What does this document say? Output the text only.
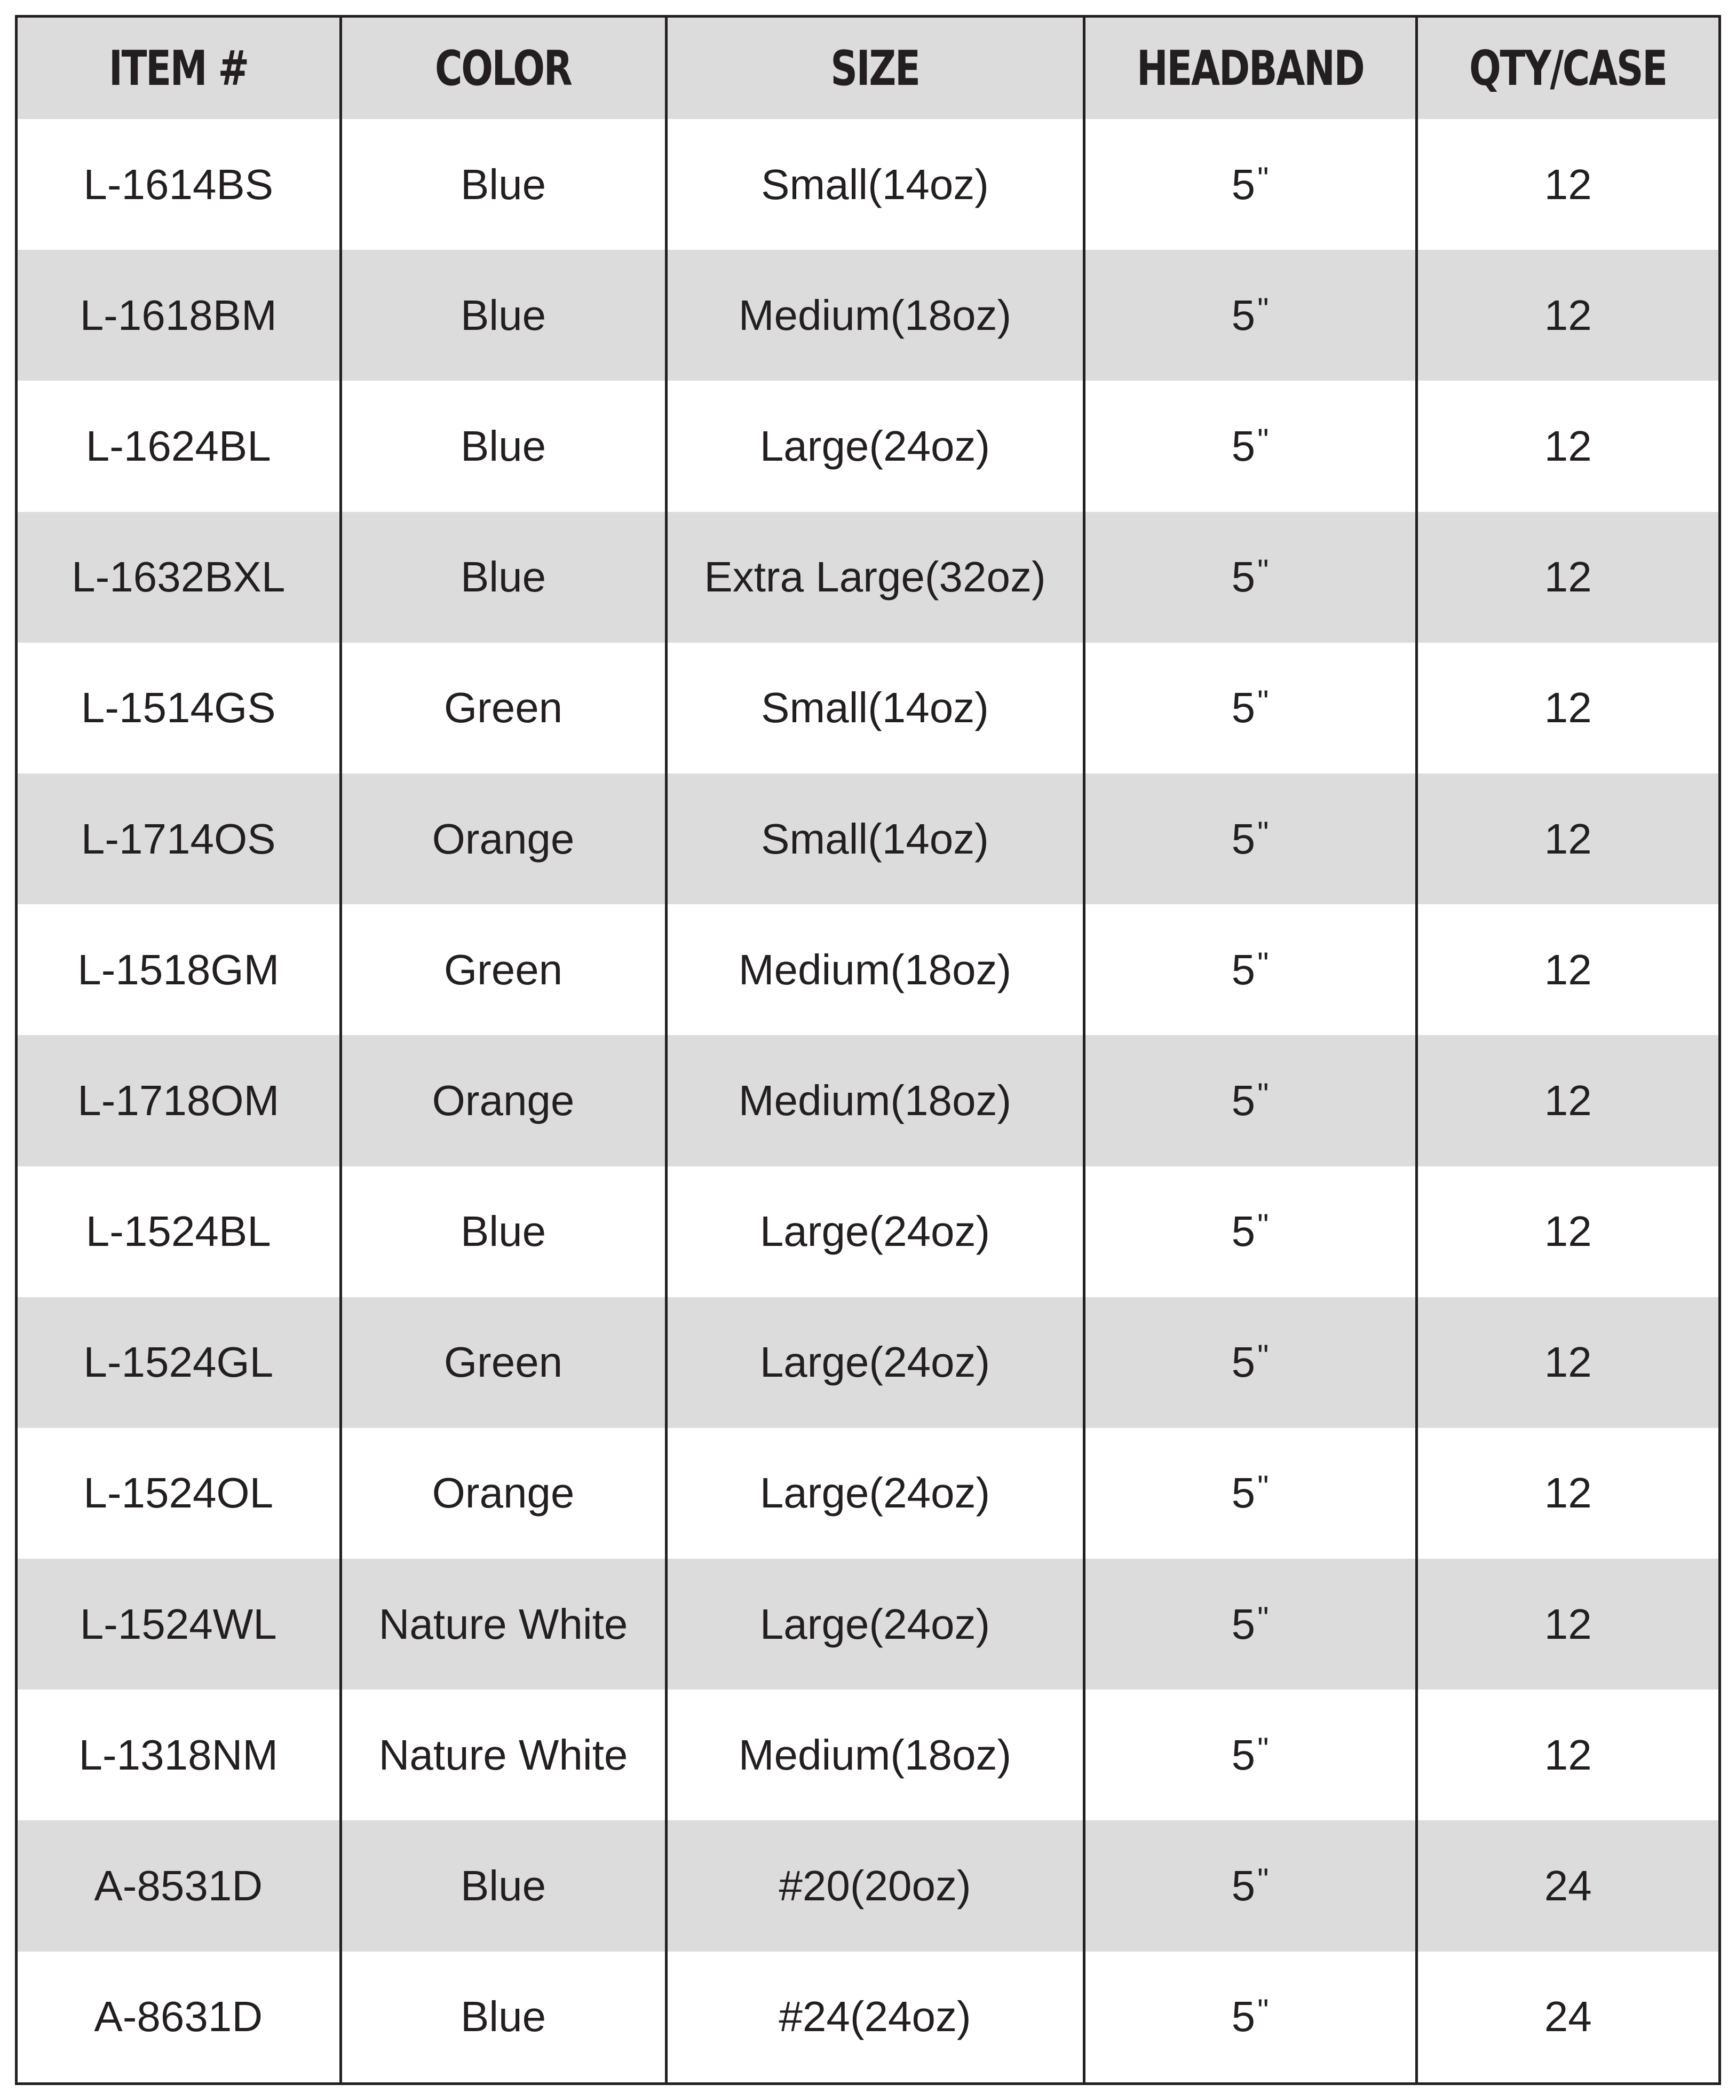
ITEM #	COLOR	SIZE	HEADBAND	QTY/CASE
L-1614BS	Blue	Small(14oz)	5"	12
L-1618BM	Blue	Medium(18oz)	5"	12
L-1624BL	Blue	Large(24oz)	5"	12
L-1632BXL	Blue	Extra Large(32oz)	5"	12
L-1514GS	Green	Small(14oz)	5"	12
L-1714OS	Orange	Small(14oz)	5"	12
L-1518GM	Green	Medium(18oz)	5"	12
L-1718OM	Orange	Medium(18oz)	5"	12
L-1524BL	Blue	Large(24oz)	5"	12
L-1524GL	Green	Large(24oz)	5"	12
L-1524OL	Orange	Large(24oz)	5"	12
L-1524WL	Nature White	Large(24oz)	5"	12
L-1318NM	Nature White	Medium(18oz)	5"	12
A-8531D	Blue	#20(20oz)	5"	24
A-8631D	Blue	#24(24oz)	5"	24
